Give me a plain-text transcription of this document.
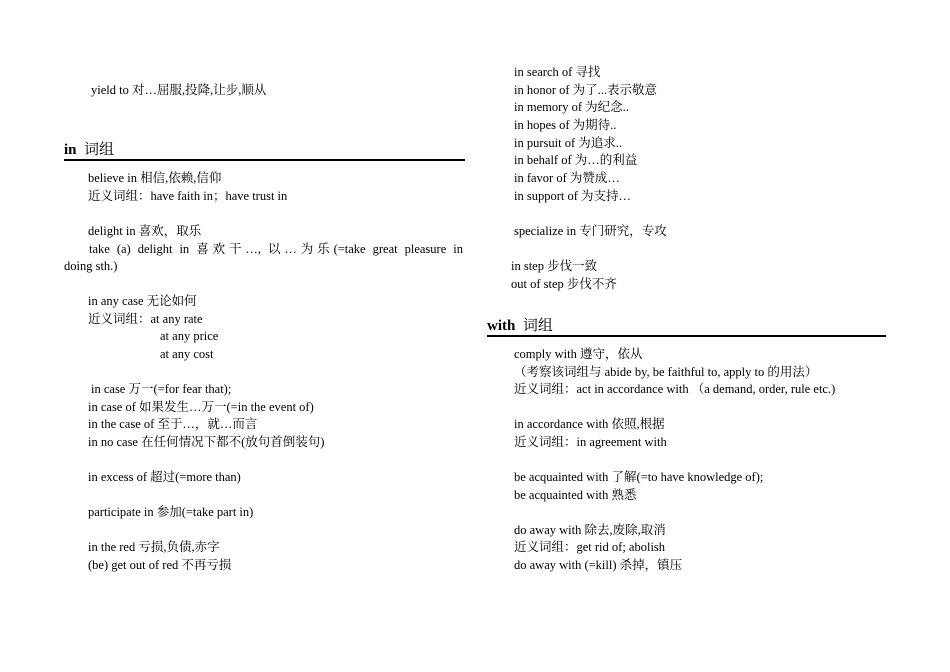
yield to 对…屈服,投降,让步,顺从
in 词组
believe in 相信,依赖,信仰
近义词组：have faith in；have trust in
delight in 喜欢，取乐
take (a) delight in 喜欢干…, 以…为乐(=take great pleasure in
doing sth.)
in any case 无论如何
近义词组：at any rate
at any price
at any cost
in case 万一(=for fear that);
in case of 如果发生…万一(=in the event of)
in the case of 至于…，就…而言
in no case 在任何情况下都不(放句首倒装句)
in excess of 超过(=more than)
participate in 参加(=take part in)
in the red 亏损,负债,赤字
(be) get out of red 不再亏损
in search of 寻找
in honor of 为了...表示敬意
in memory of 为纪念..
in hopes of 为期待..
in pursuit of 为追求..
in behalf of 为…的利益
in favor of 为赞成…
in support of 为支持…
specialize in 专门研究，专攻
in step 步伐一致
out of step 步伐不齐
with 词组
comply with 遵守，依从
（考察该词组与 abide by, be faithful to, apply to 的用法）
近义词组：act in accordance with （a demand, order, rule etc.)
in accordance with 依照,根据
近义词组：in agreement with
be acquainted with 了解(=to have knowledge of);
be acquainted with 熟悉
do away with 除去,废除,取消
近义词组：get rid of; abolish
do away with (=kill) 杀掉，镇压
